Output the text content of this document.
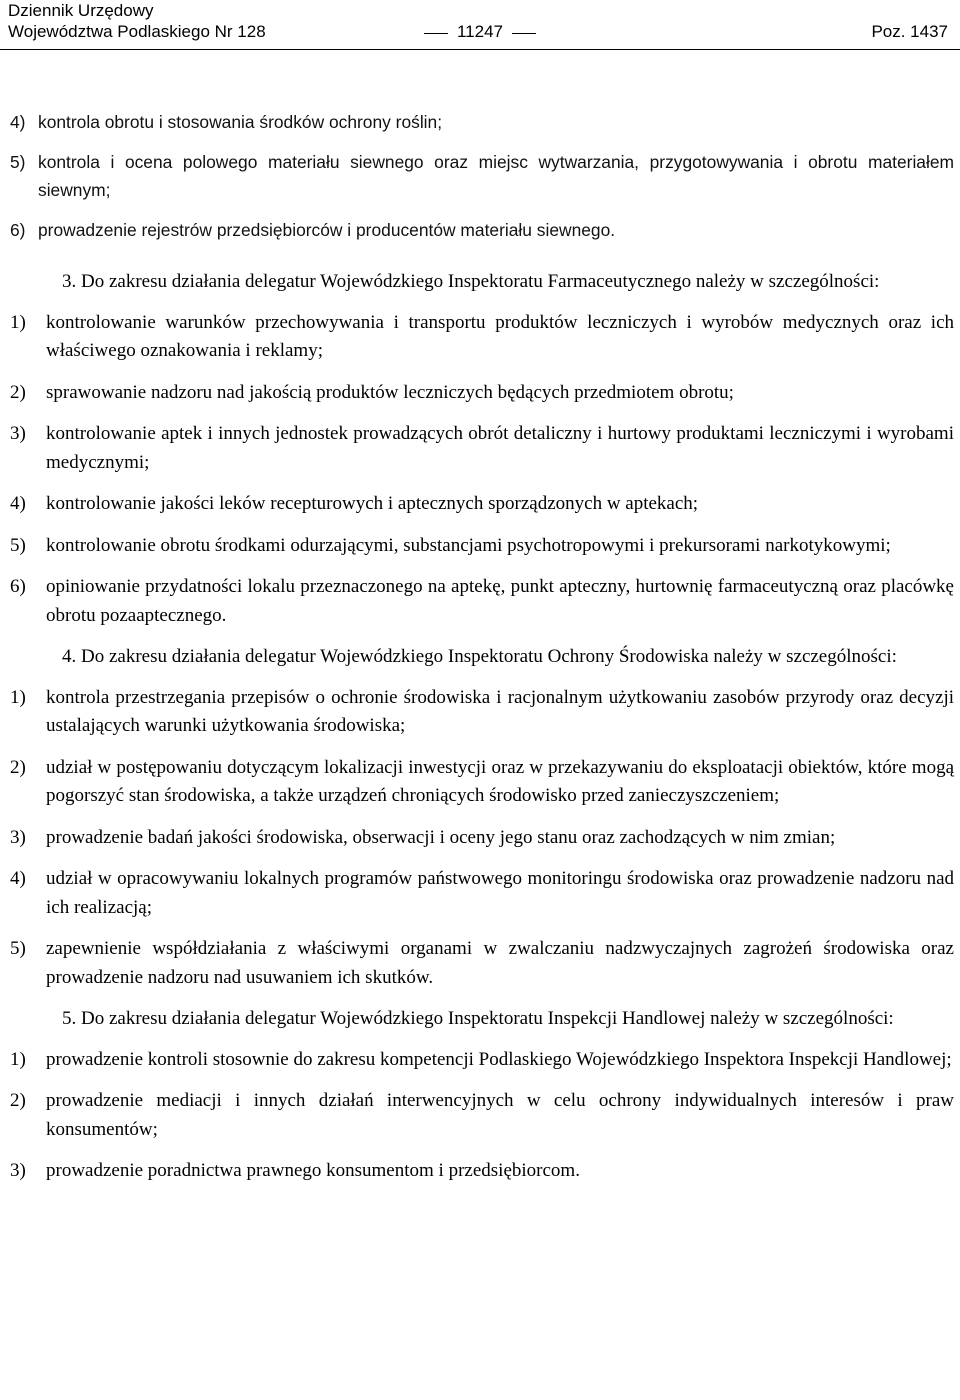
Dziennik Urzędowy
Województwa Podlaskiego Nr 128	11247	Poz. 1437

4) kontrola obrotu i stosowania środków ochrony roślin;

5) kontrola i ocena polowego materiału siewnego oraz miejsc wytwarzania, przygotowywania i obrotu materiałem siewnym;

6) prowadzenie rejestrów przedsiębiorców i producentów materiału siewnego.

3. Do zakresu działania delegatur Wojewódzkiego Inspektoratu Farmaceutycznego należy w szczególności:

1) kontrolowanie warunków przechowywania i transportu produktów leczniczych i wyrobów medycznych oraz ich właściwego oznakowania i reklamy;

2) sprawowanie nadzoru nad jakością produktów leczniczych będących przedmiotem obrotu;

3) kontrolowanie aptek i innych jednostek prowadzących obrót detaliczny i hurtowy produktami leczniczymi i wyrobami medycznymi;

4) kontrolowanie jakości leków recepturowych i aptecznych sporządzonych w aptekach;

5) kontrolowanie obrotu środkami odurzającymi, substancjami psychotropowymi i prekursorami narkotykowymi;

6) opiniowanie przydatności lokalu przeznaczonego na aptekę, punkt apteczny, hurtownię farmaceutyczną oraz placówkę obrotu pozaaptecznego.

4. Do zakresu działania delegatur Wojewódzkiego Inspektoratu Ochrony Środowiska należy w szczególności:

1) kontrola przestrzegania przepisów o ochronie środowiska i racjonalnym użytkowaniu zasobów przyrody oraz decyzji ustalających warunki użytkowania środowiska;

2) udział w postępowaniu dotyczącym lokalizacji inwestycji oraz w przekazywaniu do eksploatacji obiektów, które mogą pogorszyć stan środowiska, a także urządzeń chroniących środowisko przed zanieczyszczeniem;

3) prowadzenie badań jakości środowiska, obserwacji i oceny jego stanu oraz zachodzących w nim zmian;

4) udział w opracowywaniu lokalnych programów państwowego monitoringu środowiska oraz prowadzenie nadzoru nad ich realizacją;

5) zapewnienie współdziałania z właściwymi organami w zwalczaniu nadzwyczajnych zagrożeń środowiska oraz prowadzenie nadzoru nad usuwaniem ich skutków.

5. Do zakresu działania delegatur Wojewódzkiego Inspektoratu Inspekcji Handlowej należy w szczególności:

1) prowadzenie kontroli stosownie do zakresu kompetencji Podlaskiego Wojewódzkiego Inspektora Inspekcji Handlowej;

2) prowadzenie mediacji i innych działań interwencyjnych w celu ochrony indywidualnych interesów i praw konsumentów;

3) prowadzenie poradnictwa prawnego konsumentom i przedsiębiorcom.
